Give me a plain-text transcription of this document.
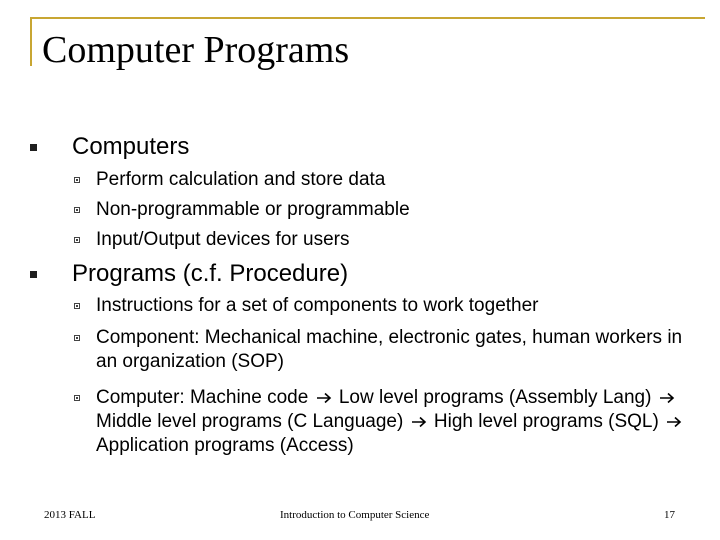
Computer Programs
Computers
Perform calculation and store data
Non-programmable or programmable
Input/Output devices for users
Programs (c.f. Procedure)
Instructions for a set of components to work together
Component: Mechanical machine, electronic gates, human workers in an organization (SOP)
Computer: Machine code Low level programs (Assembly Lang)  Middle level programs (C Language) High level programs (SQL)  Application programs (Access)
2013 FALL	Introduction to Computer Science	17
